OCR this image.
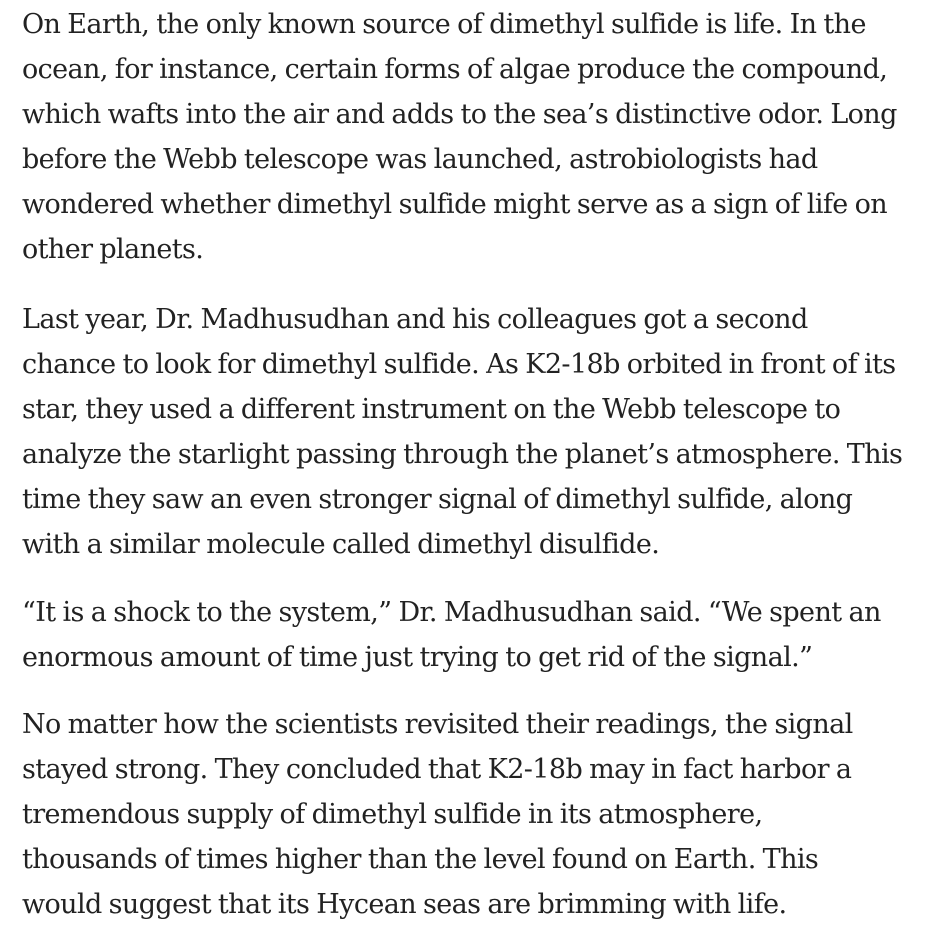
On Earth, the only known source of dimethyl sulfide is life. In the
ocean, for instance, certain forms of algae produce the compound,
which wafts into the air and adds to the sea’s distinctive odor. Long
before the Webb telescope was launched, astrobiologists had
wondered whether dimethyl sulfide might serve as a sign of life on
other planets.

Last year, Dr. Madhusudhan and his colleagues got a second
chance to look for dimethyl sulfide. As K2-18b orbited in front of its
star, they used a different instrument on the Webb telescope to
analyze the starlight passing through the planet’s atmosphere. This
time they saw an even stronger signal of dimethyl sulfide, along
with a similar molecule called dimethyl disulfide.

“It is a shock to the system,” Dr. Madhusudhan said. “We spent an
enormous amount of time just trying to get rid of the signal.”

No matter how the scientists revisited their readings, the signal
stayed strong. They concluded that K2-18b may in fact harbor a
tremendous supply of dimethyl sulfide in its atmosphere,
thousands of times higher than the level found on Earth. This
would suggest that its Hycean seas are brimming with life.
